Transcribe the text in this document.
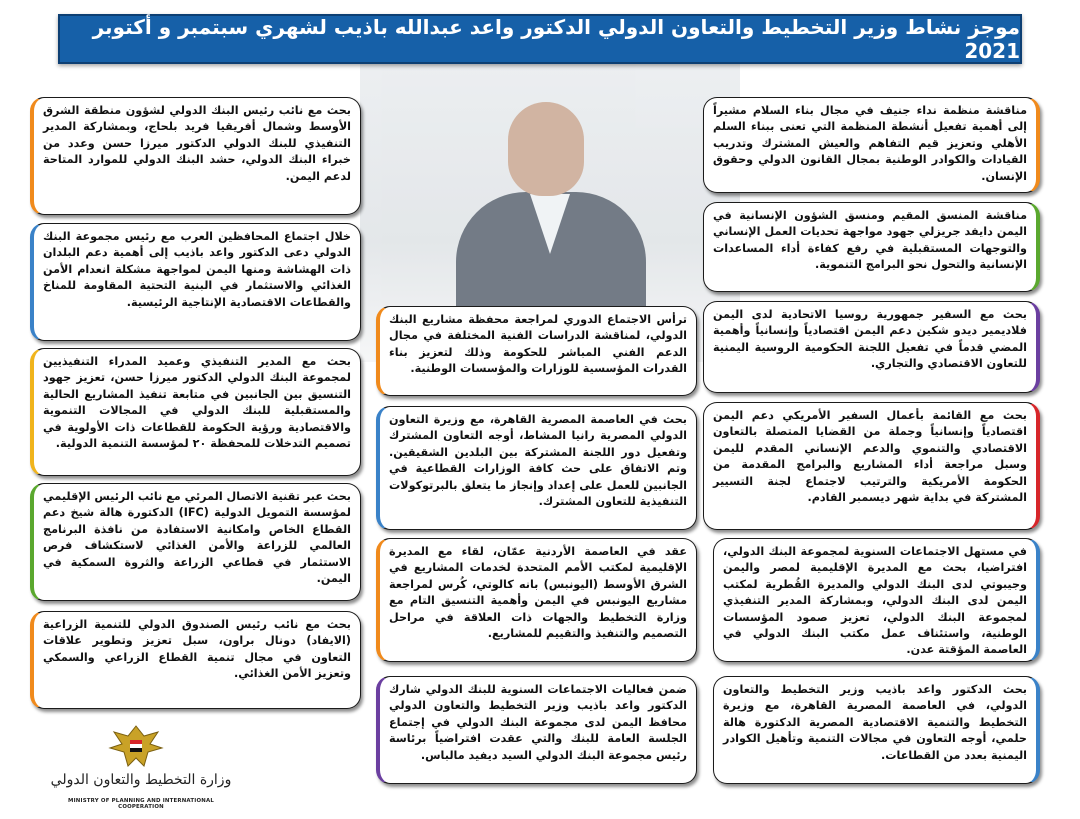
موجز نشاط وزير التخطيط والتعاون الدولي الدكتور واعد عبدالله باذيب لشهري سبتمبر و أكتوبر 2021
بحث مع نائب رئيس البنك الدولي لشؤون منطقة الشرق الأوسط وشمال أفريقيا فريد بلحاج، وبمشاركة المدير التنفيذي للبنك الدولي الدكتور ميرزا حسن وعدد من خبراء البنك الدولي، حشد البنك الدولي للموارد المتاحة لدعم اليمن.
خلال اجتماع المحافظين العرب مع رئيس مجموعة البنك الدولي دعى الدكتور واعد باذيب إلى أهمية دعم البلدان ذات الهشاشة ومنها اليمن لمواجهة مشكلة انعدام الأمن الغذائي والاستثمار في البنية التحتية المقاومة للمناخ والقطاعات الاقتصادية الإنتاجية الرئيسية.
بحث مع المدير التنفيذي وعميد المدراء التنفيذيين لمجموعة البنك الدولي الدكتور ميرزا حسن، تعزيز جهود التنسيق بين الجانبين في متابعة تنفيذ المشاريع الحالية والمستقبلية للبنك الدولي في المجالات التنموية والاقتصادية ورؤية الحكومة للقطاعات ذات الأولوية في تصميم التدخلات للمحفظة ٢٠ لمؤسسة التنمية الدولية.
بحث عبر تقنية الاتصال المرئي مع نائب الرئيس الإقليمي لمؤسسة التمويل الدولية (IFC) الدكتورة هالة شيخ دعم القطاع الخاص وامكانية الاستفادة من نافذة البرنامج العالمي للزراعة والأمن الغذائي لاستكشاف فرص الاستثمار في قطاعي الزراعة والثروة السمكية في اليمن.
بحث مع نائب رئيس الصندوق الدولي للتنمية الزراعية (الايفاد) دونال براون، سبل تعزيز وتطوير علاقات التعاون في مجال تنمية القطاع الزراعي والسمكي وتعزيز الأمن الغذائي.
ترأس الاجتماع الدوري لمراجعة محفظة مشاريع البنك الدولي، لمناقشة الدراسات الفنية المختلفة في مجال الدعم الفني المباشر للحكومة وذلك لتعزيز بناء القدرات المؤسسية للوزارات والمؤسسات الوطنية.
بحث في العاصمة المصرية القاهرة، مع وزيرة التعاون الدولي المصرية رانيا المشاط، أوجه التعاون المشترك وتفعيل دور اللجنة المشتركة بين البلدين الشقيقين. وتم الاتفاق على حث كافة الوزارات القطاعية في الجانبين للعمل على إعداد وإنجاز ما يتعلق بالبرتوكولات التنفيذية للتعاون المشترك.
عقد في العاصمة الأردنية عمّان، لقاء مع المديرة الإقليمية لمكتب الأمم المتحدة لخدمات المشاريع في الشرق الأوسط (اليونبس) بانه كالوتي، كُرس لمراجعة مشاريع اليونبس في اليمن وأهمية التنسيق التام مع وزارة التخطيط والجهات ذات العلاقة في مراحل التصميم والتنفيذ والتقييم للمشاريع.
ضمن فعاليات الاجتماعات السنوية للبنك الدولي شارك الدكتور واعد باذيب وزير التخطيط والتعاون الدولي محافظ اليمن لدى مجموعة البنك الدولي في إجتماع الجلسة العامة للبنك والتي عقدت افتراضياً برئاسة رئيس مجموعة البنك الدولي السيد ديفيد مالباس.
مناقشة منظمة نداء جنيف في مجال بناء السلام مشيراً إلى أهمية تفعيل أنشطة المنظمة التي تعنى ببناء السلم الأهلي وتعزيز قيم التفاهم والعيش المشترك وتدريب القيادات والكوادر الوطنية بمجال القانون الدولي وحقوق الإنسان.
مناقشة المنسق المقيم ومنسق الشؤون الإنسانية في اليمن دايفد جريزلي جهود مواجهة تحديات العمل الإنساني والتوجهات المستقبلية في رفع كفاءة أداء المساعدات الإنسانية والتحول نحو البرامج التنموية.
بحث مع السفير جمهورية روسيا الاتحادية لدى اليمن فلاديمير ديدو شكين دعم اليمن اقتصادياً وإنسانياً وأهمية المضي قدماً في تفعيل اللجنة الحكومية الروسية اليمنية للتعاون الاقتصادي والتجاري.
بحث مع القائمة بأعمال السفير الأمريكي دعم اليمن اقتصادياً وإنسانياً وجملة من القضايا المتصلة بالتعاون الاقتصادي والتنموي والدعم الإنساني المقدم لليمن وسبل مراجعة أداء المشاريع والبرامج المقدمة من الحكومة الأمريكية والترتيب لاجتماع لجنة التسيير المشتركة في بداية شهر ديسمبر القادم.
في مستهل الاجتماعات السنوية لمجموعة البنك الدولي، افتراضيا، بحث مع المديرة الإقليمية لمصر واليمن وجيبوتي لدى البنك الدولي والمديرة القُطرية لمكتب اليمن لدى البنك الدولي، وبمشاركة المدير التنفيذي لمجموعة البنك الدولي، تعزيز صمود المؤسسات الوطنية، واستئناف عمل مكتب البنك الدولي في العاصمة المؤقتة عدن.
بحث الدكتور واعد باذيب وزير التخطيط والتعاون الدولي، في العاصمة المصرية القاهرة، مع وزيرة التخطيط والتنمية الاقتصادية المصرية الدكتورة هالة حلمي، أوجه التعاون في مجالات التنمية وتأهيل الكوادر اليمنية بعدد من القطاعات.
وزارة التخطيط والتعاون الدولي
MINISTRY OF PLANNING AND INTERNATIONAL COOPERATION
